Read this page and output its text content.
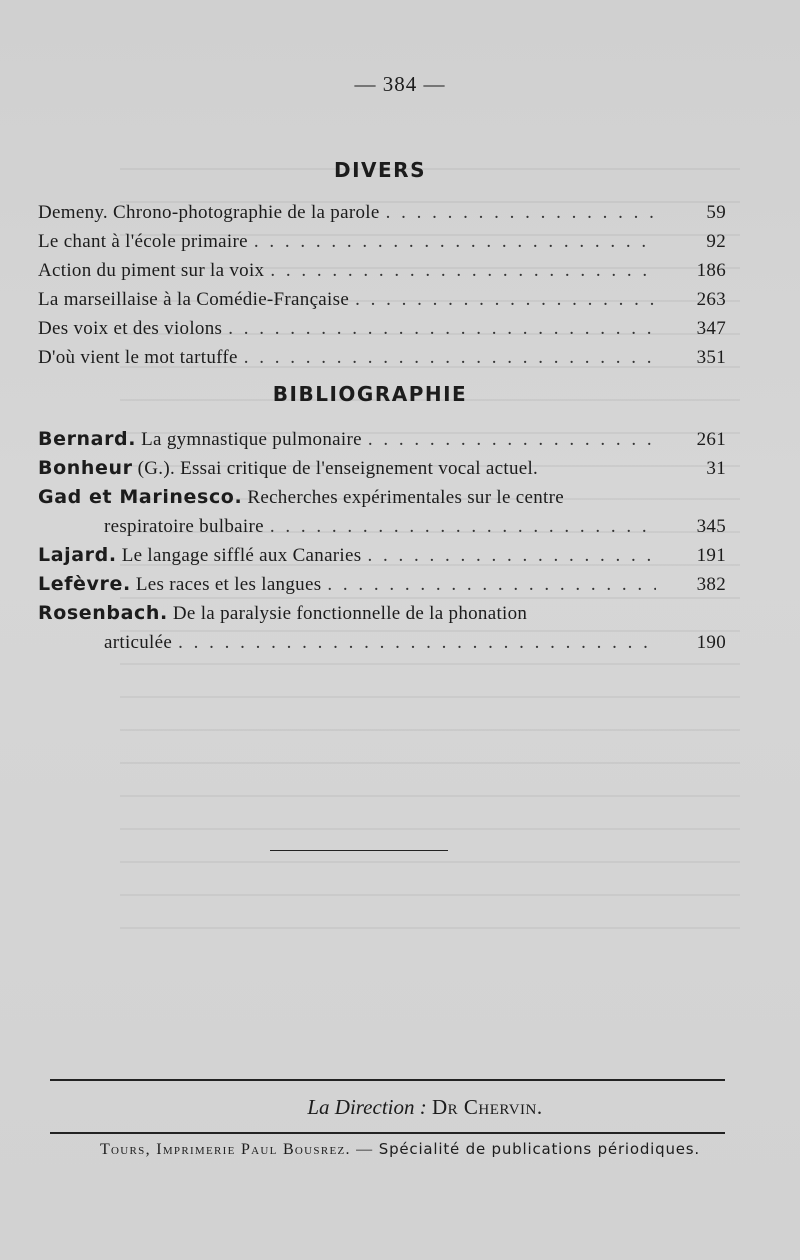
— 384 —
DIVERS
Demeny. Chrono-photographie de la parole . . .	59
Le chant à l'école primaire . . .	92
Action du piment sur la voix . . .	186
La marseillaise à la Comédie-Française . . .	263
Des voix et des violons . . .	347
D'où vient le mot tartuffe . . .	351
BIBLIOGRAPHIE
Bernard. La gymnastique pulmonaire . . .	261
Bonheur (G.). Essai critique de l'enseignement vocal actuel.	31
Gad et Marinesco. Recherches expérimentales sur le centre
respiratoire bulbaire . . .	345
Lajard. Le langage sifflé aux Canaries . . .	191
Lefèvre. Les races et les langues . . .	382
Rosenbach. De la paralysie fonctionnelle de la phonation
articulée . . .	190
La Direction : Dr Chervin.
Tours, Imprimerie Paul Bousrez. — Spécialité de publications périodiques.
